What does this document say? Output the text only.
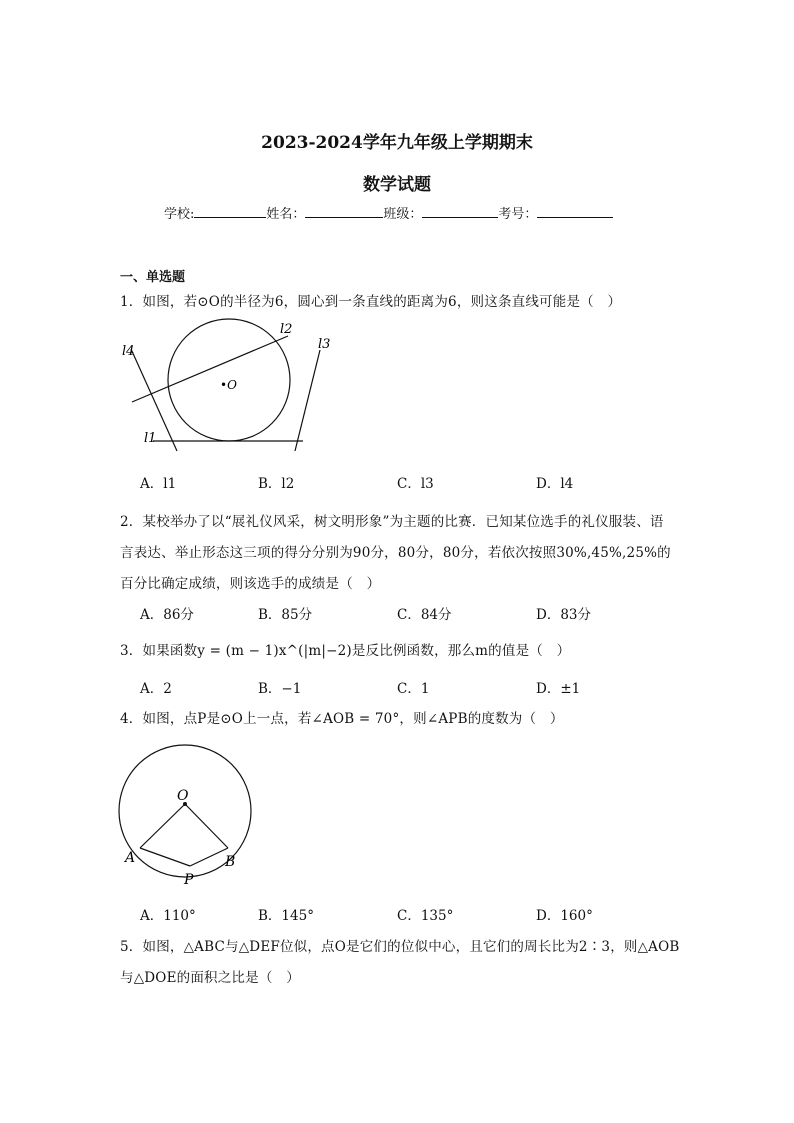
2023-2024学年九年级上学期期末
数学试题
学校:	姓名：	班级：	考号：
一、单选题
1．如图，若⊙O的半径为6，圆心到一条直线的距离为6，则这条直线可能是（　）
l4
l2
l3
l1
•O
A．l1	B．l2	C．l3	D．l4
2．某校举办了以“展礼仪风采，树文明形象”为主题的比赛．已知某位选手的礼仪服装、语
言表达、举止形态这三项的得分分别为90分，80分，80分，若依次按照30%,45%,25%的
百分比确定成绩，则该选手的成绩是（　）
A．86分	B．85分	C．84分	D．83分
3．如果函数y = (m − 1)x^(|m|−2)是反比例函数，那么m的值是（　）
A．2	B．−1	C．1	D．±1
4．如图，点P是⊙O上一点，若∠AOB = 70°，则∠APB的度数为（　）
O
A	B
P
A．110°	B．145°	C．135°	D．160°
5．如图，△ABC与△DEF位似，点O是它们的位似中心，且它们的周长比为2∶3，则△AOB
与△DOE的面积之比是（　）
